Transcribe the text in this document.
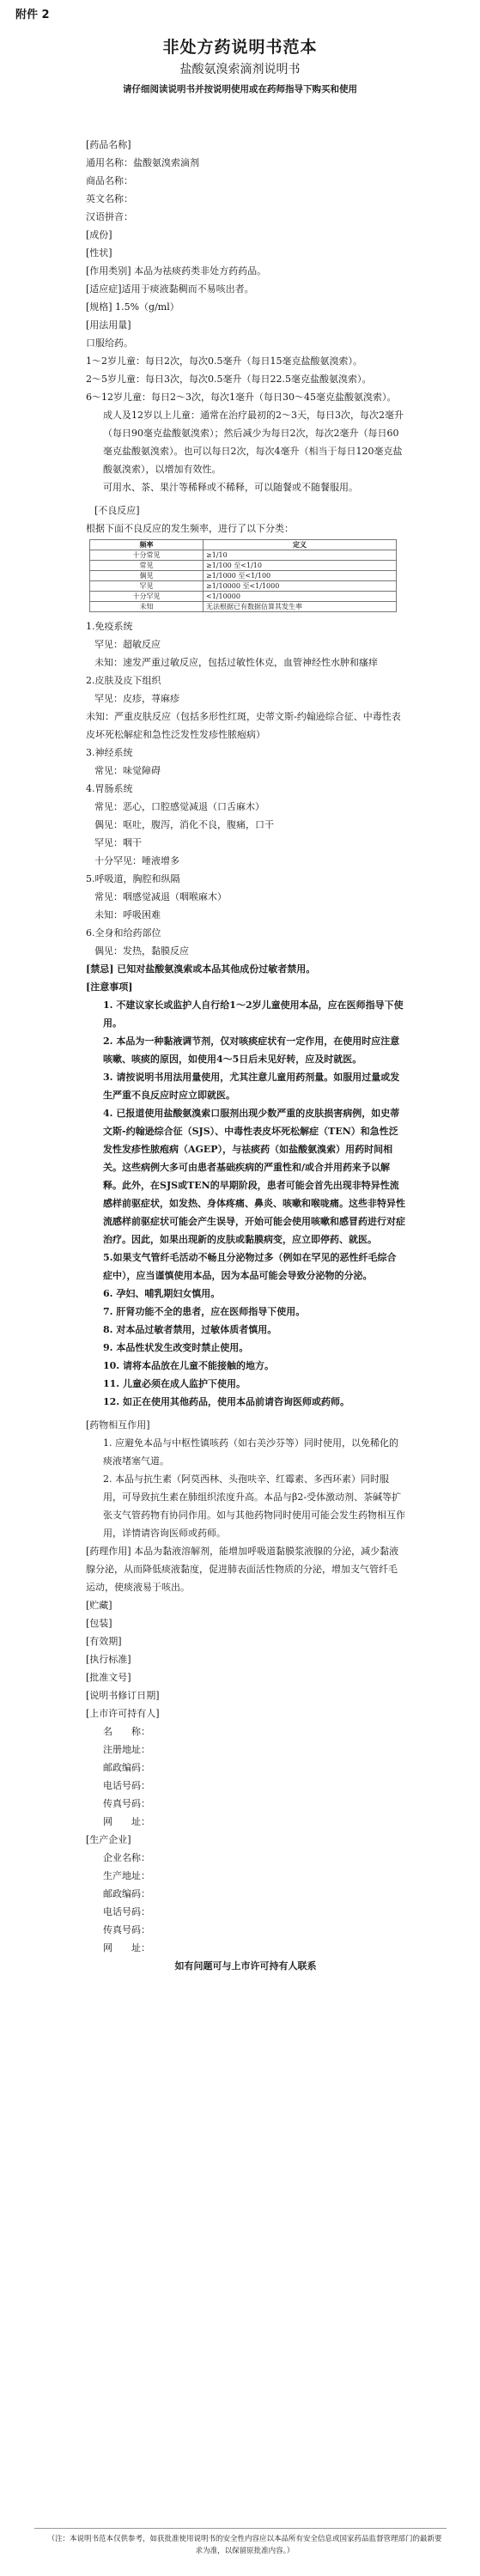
附件 2
非处方药说明书范本
盐酸氨溴索滴剂说明书
请仔细阅读说明书并按说明使用或在药师指导下购买和使用

[药品名称]

通用名称：盐酸氨溴索滴剂

商品名称：

英文名称：

汉语拼音：

[成份]

[性状]

[作用类别] 本品为祛痰药类非处方药药品。

[适应症]适用于痰液黏稠而不易咳出者。

[规格] 1.5%（g/ml）

[用法用量]

口服给药。

1～2岁儿童：每日2次，每次0.5毫升（每日15毫克盐酸氨溴索）。

2～5岁儿童：每日3次，每次0.5毫升（每日22.5毫克盐酸氨溴索）。

6～12岁儿童：每日2～3次，每次1毫升（每日30～45毫克盐酸氨溴索）。

成人及12岁以上儿童：通常在治疗最初的2～3天，每日3次，每次2毫升（每日90毫克盐酸氨溴索）；然后减少为每日2次，每次2毫升（每日60毫克盐酸氨溴索）。也可以每日2次，每次4毫升（相当于每日120毫克盐酸氨溴索），以增加有效性。

可用水、茶、果汁等稀释或不稀释，可以随餐或不随餐服用。

[不良反应]

根据下面不良反应的发生频率，进行了以下分类：

频率	定义
十分常见	≥1/10
常见	≥1/100 至<1/10
偶见	≥1/1000 至<1/100
罕见	≥1/10000 至<1/1000
十分罕见	<1/10000
未知	无法根据已有数据估算其发生率

1.免疫系统

罕见：超敏反应

未知：速发严重过敏反应，包括过敏性休克，血管神经性水肿和瘙痒

2.皮肤及皮下组织

罕见：皮疹，荨麻疹

未知：严重皮肤反应（包括多形性红斑，史蒂文斯-约翰逊综合征、中毒性表皮坏死松解症和急性泛发性发疹性脓疱病）

3.神经系统

常见：味觉障碍

4.胃肠系统

常见：恶心，口腔感觉减退（口舌麻木）

偶见：呕吐，腹泻，消化不良，腹痛，口干

罕见：咽干

十分罕见：唾液增多

5.呼吸道，胸腔和纵隔

常见：咽感觉减退（咽喉麻木）

未知：呼吸困难

6.全身和给药部位

偶见：发热，黏膜反应

[禁忌] 已知对盐酸氨溴索或本品其他成份过敏者禁用。

[注意事项]

1. 不建议家长或监护人自行给1～2岁儿童使用本品，应在医师指导下使用。

2. 本品为一种黏液调节剂，仅对咳痰症状有一定作用，在使用时应注意咳嗽、咳痰的原因，如使用4～5日后未见好转，应及时就医。

3. 请按说明书用法用量使用，尤其注意儿童用药剂量。如服用过量或发生严重不良反应时应立即就医。

4. 已报道使用盐酸氨溴索口服剂出现少数严重的皮肤损害病例，如史蒂文斯-约翰逊综合征（SJS）、中毒性表皮坏死松解症（TEN）和急性泛发性发疹性脓疱病（AGEP），与祛痰药（如盐酸氨溴索）用药时间相关。这些病例大多可由患者基础疾病的严重性和/或合并用药来予以解释。此外，在SJS或TEN的早期阶段，患者可能会首先出现非特异性流感样前驱症状，如发热、身体疼痛、鼻炎、咳嗽和喉咙痛。这些非特异性流感样前驱症状可能会产生误导，开始可能会使用咳嗽和感冒药进行对症治疗。因此，如果出现新的皮肤或黏膜病变，应立即停药、就医。

5.如果支气管纤毛活动不畅且分泌物过多（例如在罕见的恶性纤毛综合症中），应当谨慎使用本品，因为本品可能会导致分泌物的分泌。

6. 孕妇、哺乳期妇女慎用。

7. 肝肾功能不全的患者，应在医师指导下使用。

8. 对本品过敏者禁用，过敏体质者慎用。

9. 本品性状发生改变时禁止使用。

10. 请将本品放在儿童不能接触的地方。

11. 儿童必须在成人监护下使用。

12. 如正在使用其他药品，使用本品前请咨询医师或药师。

[药物相互作用]

1. 应避免本品与中枢性镇咳药（如右美沙芬等）同时使用，以免稀化的痰液堵塞气道。

2. 本品与抗生素（阿莫西林、头孢呋辛、红霉素、多西环素）同时服用，可导致抗生素在肺组织浓度升高。本品与β2-受体激动剂、茶碱等扩张支气管药物有协同作用。如与其他药物同时使用可能会发生药物相互作用，详情请咨询医师或药师。

[药理作用] 本品为黏液溶解剂，能增加呼吸道黏膜浆液腺的分泌，减少黏液腺分泌，从而降低痰液黏度，促进肺表面活性物质的分泌，增加支气管纤毛运动，使痰液易于咳出。

[贮藏]

[包装]

[有效期]

[执行标准]

[批准文号]

[说明书修订日期]

[上市许可持有人]

名　　称：

注册地址：

邮政编码：

电话号码：

传真号码：

网　　址：

[生产企业]

企业名称：

生产地址：

邮政编码：

电话号码：

传真号码：

网　　址：

如有问题可与上市许可持有人联系

（注：本说明书范本仅供参考，如获批准使用说明书的安全性内容应以本品所有安全信息或国家药品监督管理部门的最新要求为准，以保留原批准内容。）
